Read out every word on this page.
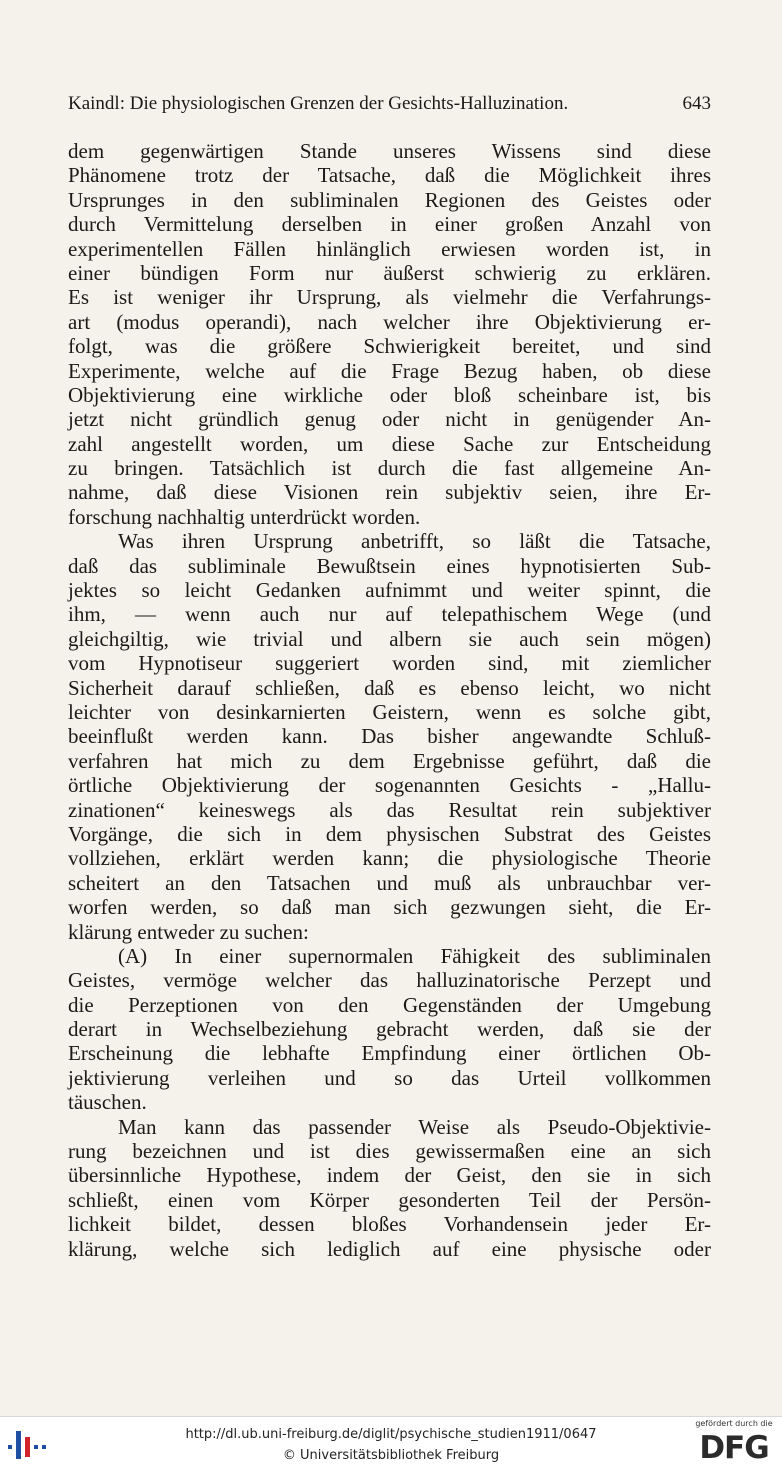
Kaindl: Die physiologischen Grenzen der Gesichts-Halluzination.	643
dem gegenwärtigen Stande unseres Wissens sind diese
Phänomene trotz der Tatsache, daß die Möglichkeit ihres
Ursprunges in den subliminalen Regionen des Geistes oder
durch Vermittelung derselben in einer großen Anzahl von
experimentellen Fällen hinlänglich erwiesen worden ist, in
einer bündigen Form nur äußerst schwierig zu erklären.
Es ist weniger ihr Ursprung, als vielmehr die Verfahrungs-
art (modus operandi), nach welcher ihre Objektivierung er-
folgt, was die größere Schwierigkeit bereitet, und sind
Experimente, welche auf die Frage Bezug haben, ob diese
Objektivierung eine wirkliche oder bloß scheinbare ist, bis
jetzt nicht gründlich genug oder nicht in genügender An-
zahl angestellt worden, um diese Sache zur Entscheidung
zu bringen. Tatsächlich ist durch die fast allgemeine An-
nahme, daß diese Visionen rein subjektiv seien, ihre Er-
forschung nachhaltig unterdrückt worden.
Was ihren Ursprung anbetrifft, so läßt die Tatsache,
daß das subliminale Bewußtsein eines hypnotisierten Sub-
jektes so leicht Gedanken aufnimmt und weiter spinnt, die
ihm, — wenn auch nur auf telepathischem Wege (und
gleichgiltig, wie trivial und albern sie auch sein mögen)
vom Hypnotiseur suggeriert worden sind, mit ziemlicher
Sicherheit darauf schließen, daß es ebenso leicht, wo nicht
leichter von desinkarnierten Geistern, wenn es solche gibt,
beeinflußt werden kann. Das bisher angewandte Schluß-
verfahren hat mich zu dem Ergebnisse geführt, daß die
örtliche Objektivierung der sogenannten Gesichts - „Hallu-
zinationen“ keineswegs als das Resultat rein subjektiver
Vorgänge, die sich in dem physischen Substrat des Geistes
vollziehen, erklärt werden kann; die physiologische Theorie
scheitert an den Tatsachen und muß als unbrauchbar ver-
worfen werden, so daß man sich gezwungen sieht, die Er-
klärung entweder zu suchen:
(A) In einer supernormalen Fähigkeit des subliminalen
Geistes, vermöge welcher das halluzinatorische Perzept und
die Perzeptionen von den Gegenständen der Umgebung
derart in Wechselbeziehung gebracht werden, daß sie der
Erscheinung die lebhafte Empfindung einer örtlichen Ob-
jektivierung verleihen und so das Urteil vollkommen
täuschen.
Man kann das passender Weise als Pseudo-Objektivie-
rung bezeichnen und ist dies gewissermaßen eine an sich
übersinnliche Hypothese, indem der Geist, den sie in sich
schließt, einen vom Körper gesonderten Teil der Persön-
lichkeit bildet, dessen bloßes Vorhandensein jeder Er-
klärung, welche sich lediglich auf eine physische oder
http://dl.ub.uni-freiburg.de/diglit/psychische_studien1911/0647
© Universitätsbibliothek Freiburg
gefördert durch die
DFG
